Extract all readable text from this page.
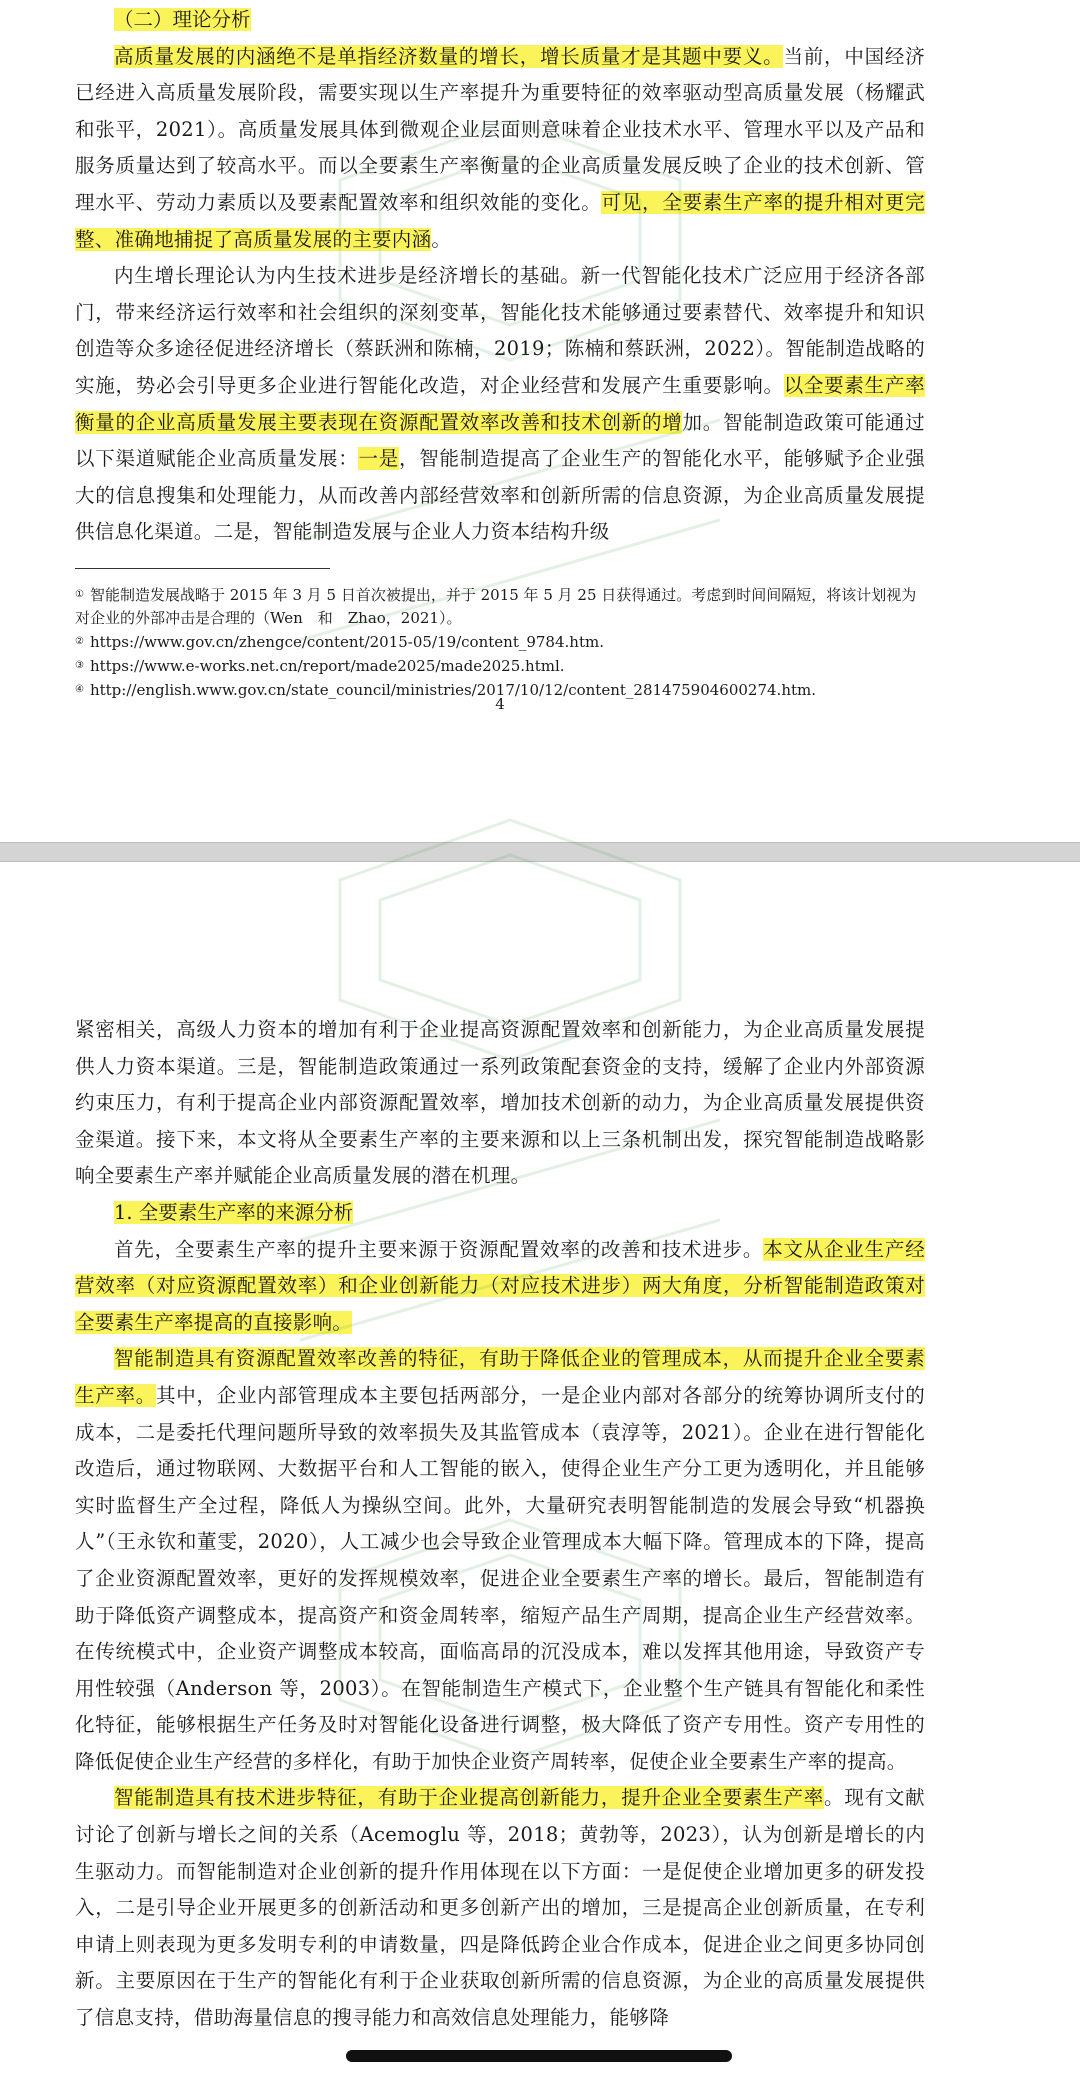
（二）理论分析

高质量发展的内涵绝不是单指经济数量的增长，增长质量才是其题中要义。当前，中国经济已经进入高质量发展阶段，需要实现以生产率提升为重要特征的效率驱动型高质量发展（杨耀武和张平，2021）。高质量发展具体到微观企业层面则意味着企业技术水平、管理水平以及产品和服务质量达到了较高水平。而以全要素生产率衡量的企业高质量发展反映了企业的技术创新、管理水平、劳动力素质以及要素配置效率和组织效能的变化。可见，全要素生产率的提升相对更完整、准确地捕捉了高质量发展的主要内涵。

内生增长理论认为内生技术进步是经济增长的基础。新一代智能化技术广泛应用于经济各部门，带来经济运行效率和社会组织的深刻变革，智能化技术能够通过要素替代、效率提升和知识创造等众多途径促进经济增长（蔡跃洲和陈楠，2019；陈楠和蔡跃洲，2022）。智能制造战略的实施，势必会引导更多企业进行智能化改造，对企业经营和发展产生重要影响。以全要素生产率衡量的企业高质量发展主要表现在资源配置效率改善和技术创新的增加。智能制造政策可能通过以下渠道赋能企业高质量发展：一是，智能制造提高了企业生产的智能化水平，能够赋予企业强大的信息搜集和处理能力，从而改善内部经营效率和创新所需的信息资源，为企业高质量发展提供信息化渠道。二是，智能制造发展与企业人力资本结构升级

① 智能制造发展战略于 2015 年 3 月 5 日首次被提出，并于 2015 年 5 月 25 日获得通过。考虑到时间间隔短，将该计划视为对企业的外部冲击是合理的（Wen　和　Zhao，2021）。

② https://www.gov.cn/zhengce/content/2015-05/19/content_9784.htm.

③ https://www.e-works.net.cn/report/made2025/made2025.html.

④ http://english.www.gov.cn/state_council/ministries/2017/10/12/content_281475904600274.htm.

4

紧密相关，高级人力资本的增加有利于企业提高资源配置效率和创新能力，为企业高质量发展提供人力资本渠道。三是，智能制造政策通过一系列政策配套资金的支持，缓解了企业内外部资源约束压力，有利于提高企业内部资源配置效率，增加技术创新的动力，为企业高质量发展提供资金渠道。接下来，本文将从全要素生产率的主要来源和以上三条机制出发，探究智能制造战略影响全要素生产率并赋能企业高质量发展的潜在机理。

1. 全要素生产率的来源分析

首先，全要素生产率的提升主要来源于资源配置效率的改善和技术进步。本文从企业生产经营效率（对应资源配置效率）和企业创新能力（对应技术进步）两大角度，分析智能制造政策对全要素生产率提高的直接影响。

智能制造具有资源配置效率改善的特征，有助于降低企业的管理成本，从而提升企业全要素生产率。其中，企业内部管理成本主要包括两部分，一是企业内部对各部分的统筹协调所支付的成本，二是委托代理问题所导致的效率损失及其监管成本（袁淳等，2021）。企业在进行智能化改造后，通过物联网、大数据平台和人工智能的嵌入，使得企业生产分工更为透明化，并且能够实时监督生产全过程，降低人为操纵空间。此外，大量研究表明智能制造的发展会导致“机器换人”（王永钦和董雯，2020），人工减少也会导致企业管理成本大幅下降。管理成本的下降，提高了企业资源配置效率，更好的发挥规模效率，促进企业全要素生产率的增长。最后，智能制造有助于降低资产调整成本，提高资产和资金周转率，缩短产品生产周期，提高企业生产经营效率。在传统模式中，企业资产调整成本较高，面临高昂的沉没成本，难以发挥其他用途，导致资产专用性较强（Anderson 等，2003）。在智能制造生产模式下，企业整个生产链具有智能化和柔性化特征，能够根据生产任务及时对智能化设备进行调整，极大降低了资产专用性。资产专用性的降低促使企业生产经营的多样化，有助于加快企业资产周转率，促使企业全要素生产率的提高。

智能制造具有技术进步特征，有助于企业提高创新能力，提升企业全要素生产率。现有文献讨论了创新与增长之间的关系（Acemoglu 等，2018；黄勃等，2023），认为创新是增长的内生驱动力。而智能制造对企业创新的提升作用体现在以下方面：一是促使企业增加更多的研发投入，二是引导企业开展更多的创新活动和更多创新产出的增加，三是提高企业创新质量，在专利申请上则表现为更多发明专利的申请数量，四是降低跨企业合作成本，促进企业之间更多协同创新。主要原因在于生产的智能化有利于企业获取创新所需的信息资源，为企业的高质量发展提供了信息支持，借助海量信息的搜寻能力和高效信息处理能力，能够降
